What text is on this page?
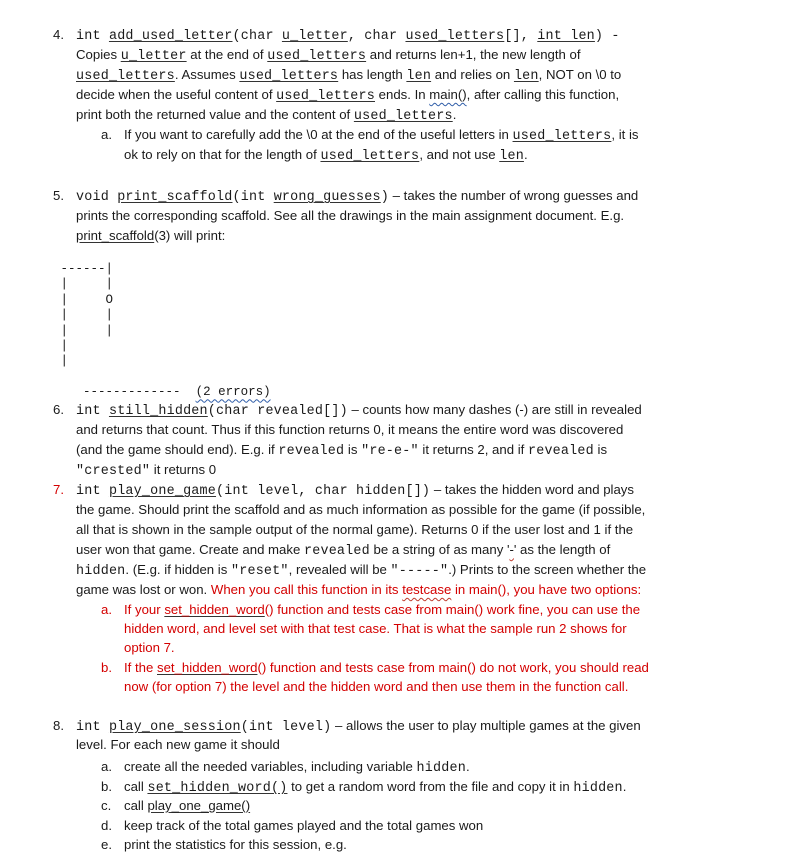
4. int add_used_letter(char u_letter, char used_letters[], int len) -
Copies u_letter at the end of used_letters and returns len+1, the new length of
used_letters. Assumes used_letters has length len and relies on len, NOT on \0 to
decide when the useful content of used_letters ends. In main(), after calling this function,
print both the returned value and the content of used_letters.
a. If you want to carefully add the \0 at the end of the useful letters in used_letters, it is
ok to rely on that for the length of used_letters, and not use len.
5. void print_scaffold(int wrong_guesses) – takes the number of wrong guesses and
prints the corresponding scaffold. See all the drawings in the main assignment document. E.g.
print_scaffold(3) will print:
------|
|     |
|     O
|     |
|     |
|
|

------------- (2 errors)

6. int still_hidden(char revealed[]) – counts how many dashes (-) are still in revealed
and returns that count. Thus if this function returns 0, it means the entire word was discovered
(and the game should end). E.g. if revealed is "re-e-" it returns 2, and if revealed is
"crested" it returns 0
7. int play_one_game(int level, char hidden[]) – takes the hidden word and plays
the game. Should print the scaffold and as much information as possible for the game (if possible,
all that is shown in the sample output of the normal game). Returns 0 if the user lost and 1 if the
user won that game. Create and make revealed be a string of as many '-' as the length of
hidden. (E.g. if hidden is "reset", revealed will be "-----".) Prints to the screen whether the
game was lost or won. When you call this function in its testcase in main(), you have two options:
a. If your set_hidden_word() function and tests case from main() work fine, you can use the
hidden word, and level set with that test case. That is what the sample run 2 shows for
option 7.
b. If the set_hidden_word() function and tests case from main() do not work, you should read
now (for option 7) the level and the hidden word and then use them in the function call.
8. int play_one_session(int level) – allows the user to play multiple games at the given
level. For each new game it should
a. create all the needed variables, including variable hidden.
b. call set_hidden_word() to get a random word from the file and copy it in hidden.
c. call play_one_game()
d. keep track of the total games played and the total games won
e. print the statistics for this session, e.g.
